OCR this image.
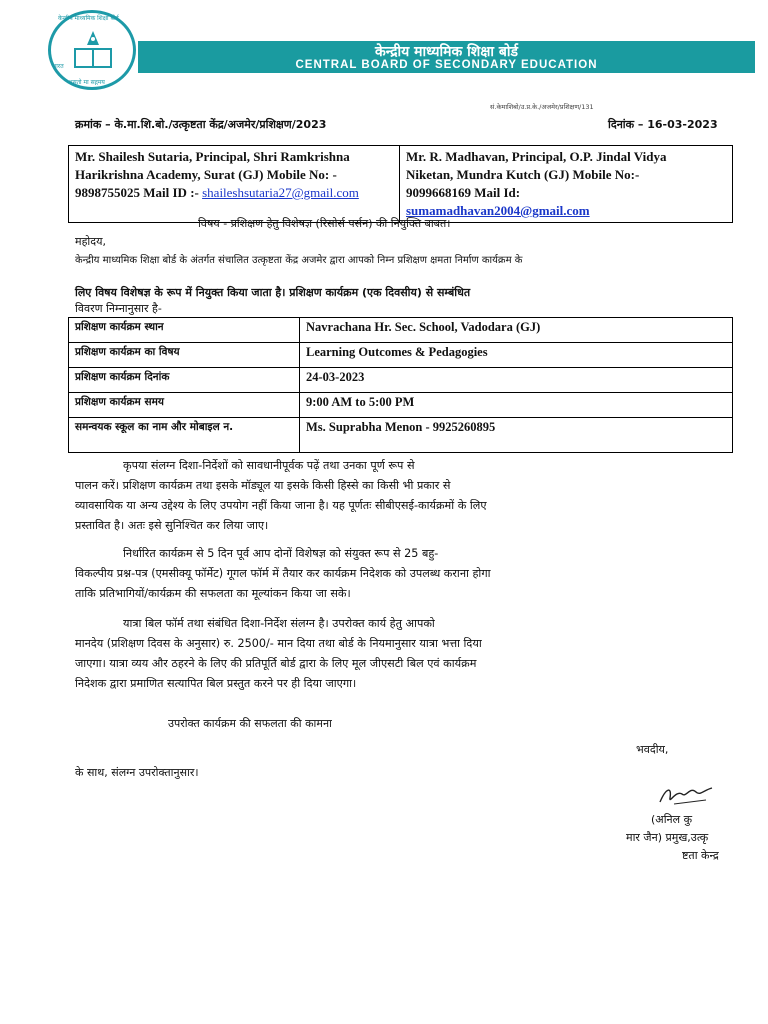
केन्द्रीय माध्यमिक शिक्षा बोर्ड
भारत
असतो मा सद्गमय
केन्द्रीय माध्यमिक शिक्षा बोर्ड
CENTRAL BOARD OF SECONDARY EDUCATION
सं.केमाशिबो/उ.प्र.के./अजमेर/प्रशिक्षण/131
क्रमांक – के.मा.शि.बो./उत्कृष्टता केंद्र/अजमेर/प्रशिक्षण/2023	दिनांक – 16-03-2023
Mr. Shailesh Sutaria, Principal, Shri Ramkrishna
Harikrishna Academy, Surat (GJ) Mobile No: -
9898755025 Mail ID :- shaileshsutaria27@gmail.com

Mr. R. Madhavan, Principal, O.P. Jindal Vidya
Niketan, Mundra Kutch (GJ) Mobile No:-
9099668169 Mail Id:
sumamadhavan2004@gmail.com
विषय - प्रशिक्षण हेतु विशेषज्ञ (रिसोर्स पर्सन) की नियुक्ति बाबत।
महोदय,
केन्द्रीय माध्यमिक शिक्षा बोर्ड के अंतर्गत संचालित उत्कृष्टता केंद्र अजमेर द्वारा आपको निम्न प्रशिक्षण क्षमता निर्माण कार्यक्रम के
लिए विषय विशेषज्ञ के रूप में नियुक्त किया जाता है। प्रशिक्षण कार्यक्रम (एक दिवसीय) से सम्बंधित
विवरण निम्नानुसार है-
प्रशिक्षण कार्यक्रम स्थान	Navrachana Hr. Sec. School, Vadodara (GJ)
प्रशिक्षण कार्यक्रम का विषय	Learning Outcomes & Pedagogies
प्रशिक्षण कार्यक्रम दिनांक	24-03-2023
प्रशिक्षण कार्यक्रम समय	9:00 AM to 5:00 PM
समन्वयक स्कूल का नाम और मोबाइल न.	Ms. Suprabha Menon - 9925260895
कृपया संलग्न दिशा-निर्देशों को सावधानीपूर्वक पढ़ें तथा उनका पूर्ण रूप से
पालन करें। प्रशिक्षण कार्यक्रम तथा इसके मॉड्यूल या इसके किसी हिस्से का किसी भी प्रकार से
व्यावसायिक या अन्य उद्देश्य के लिए उपयोग नहीं किया जाना है। यह पूर्णतः सीबीएसई-कार्यक्रमों के लिए
प्रस्तावित है। अतः इसे सुनिश्चित कर लिया जाए।
निर्धारित कार्यक्रम से 5 दिन पूर्व आप दोनों विशेषज्ञ को संयुक्त रूप से 25 बहु-
विकल्पीय प्रश्न-पत्र (एमसीक्यू फॉर्मेट) गूगल फॉर्म में तैयार कर कार्यक्रम निदेशक को उपलब्ध कराना होगा
ताकि प्रतिभागियों/कार्यक्रम की सफलता का मूल्यांकन किया जा सके।
यात्रा बिल फॉर्म तथा संबंधित दिशा-निर्देश संलग्न है। उपरोक्त कार्य हेतु आपको
मानदेय (प्रशिक्षण दिवस के अनुसार) रु. 2500/- मान दिया तथा बोर्ड के नियमानुसार यात्रा भत्ता दिया
जाएगा। यात्रा व्यय और ठहरने के लिए की प्रतिपूर्ति बोर्ड द्वारा के लिए मूल जीएसटी बिल एवं कार्यक्रम
निदेशक द्वारा प्रमाणित सत्यापित बिल प्रस्तुत करने पर ही दिया जाएगा।
उपरोक्त कार्यक्रम की सफलता की कामना
भवदीय,
के साथ, संलग्न उपरोक्तानुसार।
(अनिल कु
मार जैन) प्रमुख,उत्कृ
ष्टता केन्द्र
